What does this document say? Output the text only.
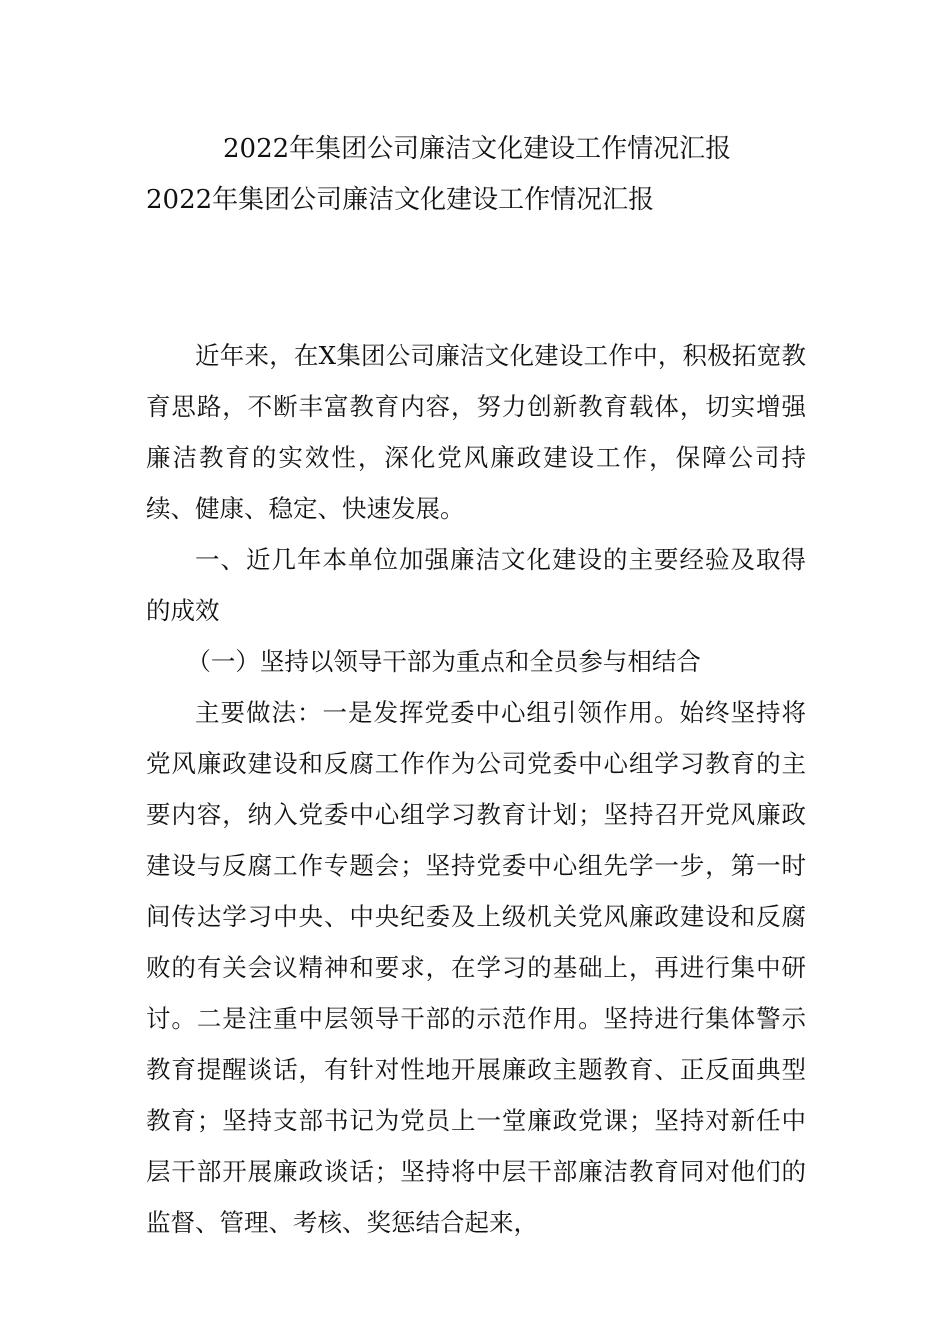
2022年集团公司廉洁文化建设工作情况汇报
2022年集团公司廉洁文化建设工作情况汇报

近年来，在X集团公司廉洁文化建设工作中，积极拓宽教育思路，不断丰富教育内容，努力创新教育载体，切实增强廉洁教育的实效性，深化党风廉政建设工作，保障公司持续、健康、稳定、快速发展。

一、近几年本单位加强廉洁文化建设的主要经验及取得的成效

（一）坚持以领导干部为重点和全员参与相结合

主要做法：一是发挥党委中心组引领作用。始终坚持将党风廉政建设和反腐工作作为公司党委中心组学习教育的主要内容，纳入党委中心组学习教育计划；坚持召开党风廉政建设与反腐工作专题会；坚持党委中心组先学一步，第一时间传达学习中央、中央纪委及上级机关党风廉政建设和反腐败的有关会议精神和要求，在学习的基础上，再进行集中研讨。二是注重中层领导干部的示范作用。坚持进行集体警示教育提醒谈话，有针对性地开展廉政主题教育、正反面典型教育；坚持支部书记为党员上一堂廉政党课；坚持对新任中层干部开展廉政谈话；坚持将中层干部廉洁教育同对他们的监督、管理、考核、奖惩结合起来，
